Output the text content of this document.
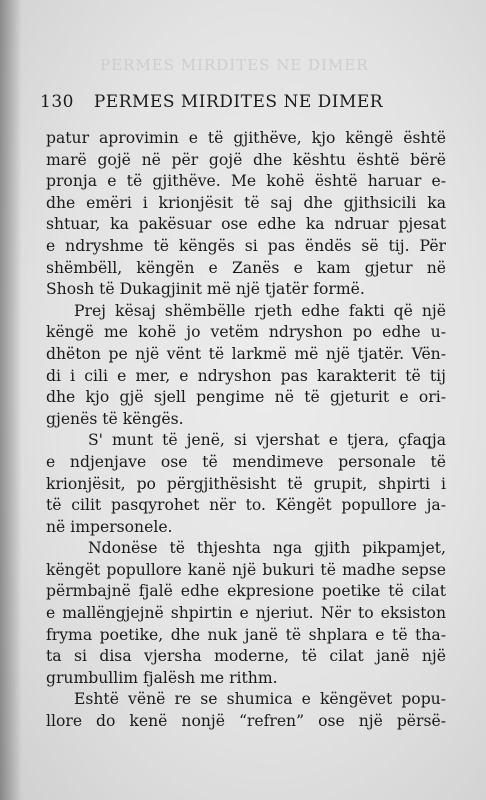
PERMES MIRDITES NE DIMER
130 PERMES MIRDITES NE DIMER
patur aprovimin e të gjithëve, kjo këngë është
marë gojë në për gojë dhe kështu është bërë
pronja e të gjithëve. Me kohë është haruar e-
dhe emëri i krionjësit të saj dhe gjithsicili ka
shtuar, ka pakësuar ose edhe ka ndruar pjesat
e ndryshme të këngës si pas ëndës së tij. Për
shëmbëll, këngën e Zanës e kam gjetur në
Shosh të Dukagjinit më një tjatër formë.
Prej kësaj shëmbëlle rjeth edhe fakti që një
këngë me kohë jo vetëm ndryshon po edhe u-
dhëton pe një vënt të larkmë më një tjatër. Vën-
di i cili e mer, e ndryshon pas karakterit të tij
dhe kjo gjë sjell pengime në të gjeturit e ori-
gjenës të këngës.
S' munt të jenë, si vjershat e tjera, çfaqja
e ndjenjave ose të mendimeve personale të
krionjësit, po përgjithësisht të grupit, shpirti i
të cilit pasqyrohet nër to. Këngët popullore ja-
në impersonele.
Ndonëse të thjeshta nga gjith pikpamjet,
këngët popullore kanë një bukuri të madhe sepse
përmbajnë fjalë edhe ekpresione poetike të cilat
e mallëngjejnë shpirtin e njeriut. Nër to eksiston
fryma poetike, dhe nuk janë të shplara e të tha-
ta si disa vjersha moderne, të cilat janë një
grumbullim fjalësh me rithm.
Eshtë vënë re se shumica e këngëvet popu-
llore do kenë nonjë “refren” ose një përsë-
